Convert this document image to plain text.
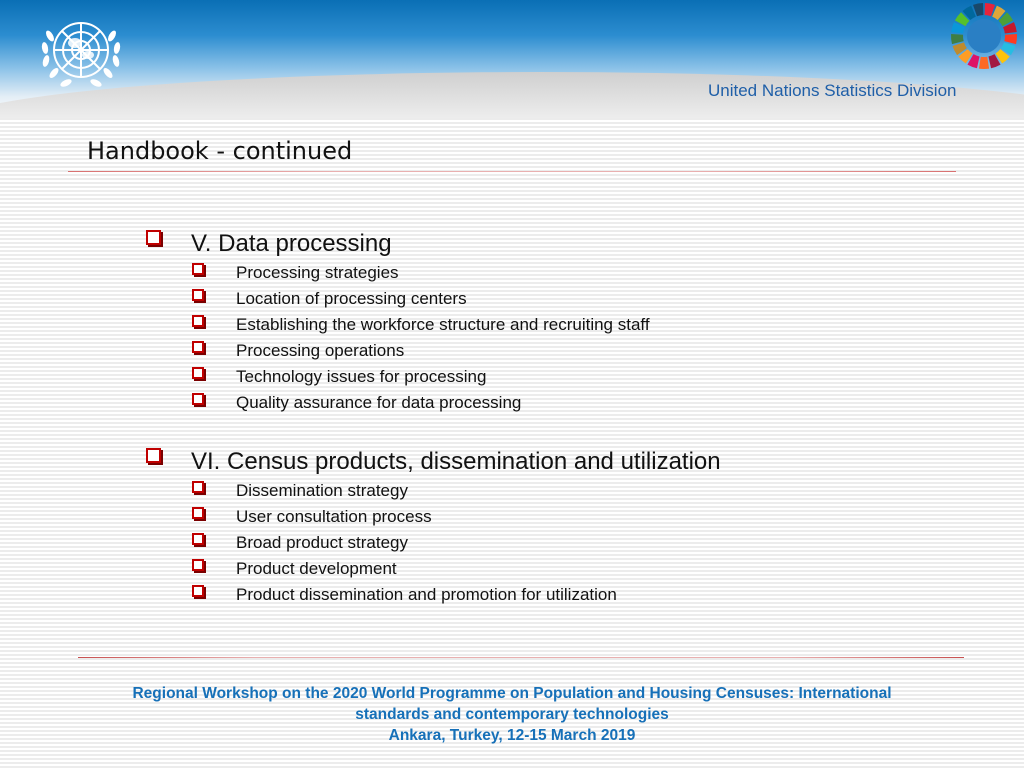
United Nations Statistics Division
Handbook - continued
V. Data processing
Processing strategies
Location of processing centers
Establishing the workforce structure and recruiting staff
Processing operations
Technology issues for processing
Quality assurance for data processing
VI. Census products, dissemination and utilization
Dissemination strategy
User consultation process
Broad product strategy
Product development
Product dissemination and promotion for utilization
Regional Workshop on the 2020 World Programme on Population and Housing Censuses: International
standards and contemporary technologies
Ankara, Turkey, 12-15 March 2019
